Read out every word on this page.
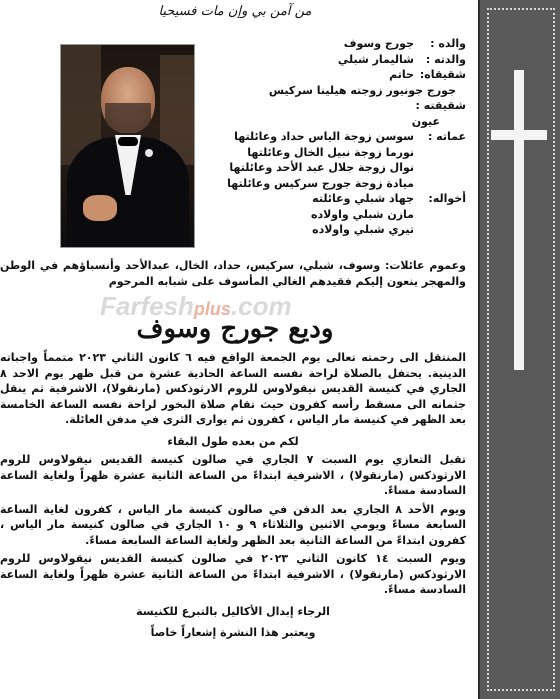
من آمن بي وإن مات فسيحيا
والده :
جورج وسوف
والدته :
شاليمار شبلي
شقيقاه:
حاتم
جورج جونيور زوجته هيلينا سركيس
شقيقته :
عيون
عماته :
سوسن زوجة الياس حداد وعائلتها
نورما زوجة نبيل الخال وعائلتها
نوال زوجة جلال عبد الأحد وعائلتها
ميادة زوجة جورج سركيس وعائلتها
أخواله:
جهاد شبلي وعائلته
مازن شبلي واولاده
تيري شبلي واولاده
وعموم عائلات: وسوف، شبلي، سركيس، حداد، الخال، عبدالأحد وأنسباؤهم في الوطن والمهجر ينعون إليكم فقيدهم الغالي المأسوف على شبابه المرحوم
Farfeshplus.com
وديع جورج وسوف

المنتقل الى رحمته تعالى يوم الجمعة الواقع فيه ٦ كانون الثاني ٢٠٢٣ متمماً واجباته الدينية. يحتفل بالصلاة لراحة نفسه الساعة الحادية عشرة من قبل ظهر يوم الاحد ٨ الجاري في كنيسة القديس نيقولاوس للروم الارثوذكس (مارنقولا)، الاشرفية ثم ينقل جثمانه الى مسقط رأسه كفرون حيث تقام صلاة البخور لراحة نفسه الساعة الخامسة بعد الظهر في كنيسة مار الياس ، كفرون ثم يوارى الثرى في مدفن العائلة.

لكم من بعده طول البقاء

تقبل التعازي يوم السبت ٧ الجاري في صالون كنيسة القديس نيقولاوس للروم الارثوذكس (مارنقولا) ، الاشرفية ابتداءً من الساعة الثانية عشرة ظهراً ولغاية الساعة السادسة مساءً.

ويوم الأحد ٨ الجاري بعد الدفن في صالون كنيسة مار الياس ، كفرون لغاية الساعة السابعة مساءً ويومي الاثنين والثلاثاء ٩ و ١٠ الجاري في صالون كنيسة مار الياس ، كفرون ابتداءً من الساعة الثانية بعد الظهر ولغاية الساعة السابعة مساءً.

ويوم السبت ١٤ كانون الثاني ٢٠٢٣ في صالون كنيسة القديس نيقولاوس للروم الارثوذكس (مارنقولا) ، الاشرفية ابتداءً من الساعة الثانية عشرة ظهراً ولغاية الساعة السادسة مساءً.

الرجاء إبدال الأكاليل بالتبرع للكنيسة

ويعتبر هذا النشرة إشعاراً خاصاً
